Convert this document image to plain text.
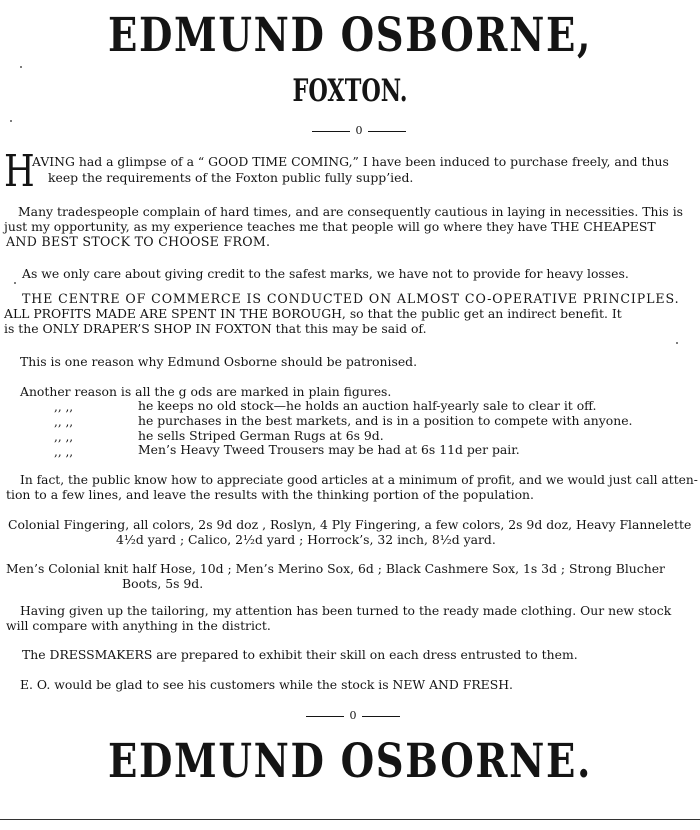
EDMUND OSBORNE,
FOXTON.
0
H
AVING had a glimpse of a “ GOOD TIME COMING,” I have been induced to purchase freely, and thus
keep the requirements of the Foxton public fully supp’ied.
Many tradespeople complain of hard times, and are consequently cautious in laying in necessities. This is
just my opportunity, as my experience teaches me that people will go where they have THE CHEAPEST
AND BEST STOCK TO CHOOSE FROM.
As we only care about giving credit to the safest marks, we have not to provide for heavy losses.
THE CENTRE OF COMMERCE IS CONDUCTED ON ALMOST CO-OPERATIVE PRINCIPLES.
ALL PROFITS MADE ARE SPENT IN THE BOROUGH, so that the public get an indirect benefit. It
is the ONLY DRAPER’S SHOP IN FOXTON that this may be said of.
This is one reason why Edmund Osborne should be patronised.
Another reason is all the g ods are marked in plain figures.
,, ,,	he keeps no old stock—he holds an auction half-yearly sale to clear it off.
,, ,,	he purchases in the best markets, and is in a position to compete with anyone.
,, ,,	he sells Striped German Rugs at 6s 9d.
,, ,,	Men’s Heavy Tweed Trousers may be had at 6s 11d per pair.
In fact, the public know how to appreciate good articles at a minimum of profit, and we would just call atten-
tion to a few lines, and leave the results with the thinking portion of the population.
Colonial Fingering, all colors, 2s 9d doz , Roslyn, 4 Ply Fingering, a few colors, 2s 9d doz, Heavy Flannelette
4½d yard ; Calico, 2½d yard ; Horrock’s, 32 inch, 8½d yard.
Men’s Colonial knit half Hose, 10d ; Men’s Merino Sox, 6d ; Black Cashmere Sox, 1s 3d ; Strong Blucher
Boots, 5s 9d.
Having given up the tailoring, my attention has been turned to the ready made clothing. Our new stock
will compare with anything in the district.
The DRESSMAKERS are prepared to exhibit their skill on each dress entrusted to them.
E. O. would be glad to see his customers while the stock is NEW AND FRESH.
0
EDMUND OSBORNE.
